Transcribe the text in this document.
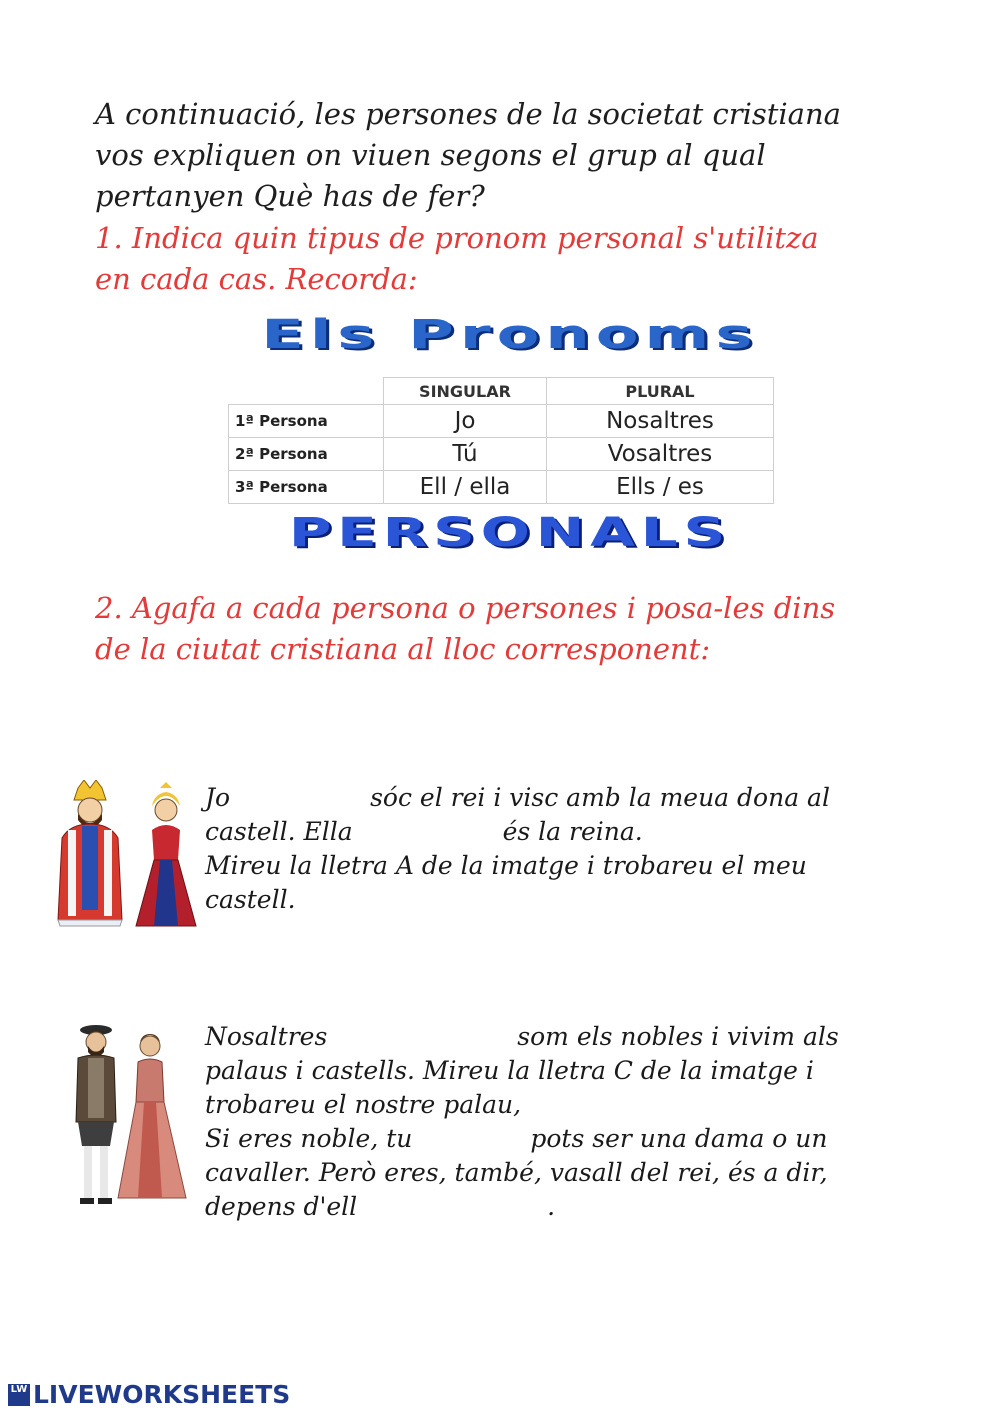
A continuació, les persones de la societat cristiana
vos expliquen on viuen segons el grup al qual
pertanyen Què has de fer?
1. Indica quin tipus de pronom personal s'utilitza
en cada cas. Recorda:
Els Pronoms
	SINGULAR	PLURAL
1ª Persona	Jo	Nosaltres
2ª Persona	Tú	Vosaltres
3ª Persona	Ell / ella	Ells / es
PERSONALS
2. Agafa a cada persona o persones i posa-les dins
de la ciutat cristiana al lloc corresponent:
Jo	sóc el rei i visc amb la meua dona al
castell. Ella	és la reina.
Mireu la lletra A de la imatge i trobareu el meu
castell.
Nosaltres	som els nobles i vivim als
palaus i castells. Mireu la lletra C de la imatge i
trobareu el nostre palau,
Si eres noble, tu	pots ser una dama o un
cavaller. Però eres, també, vasall del rei, és a dir,
depens d'ell	.
LW LIVEWORKSHEETS
